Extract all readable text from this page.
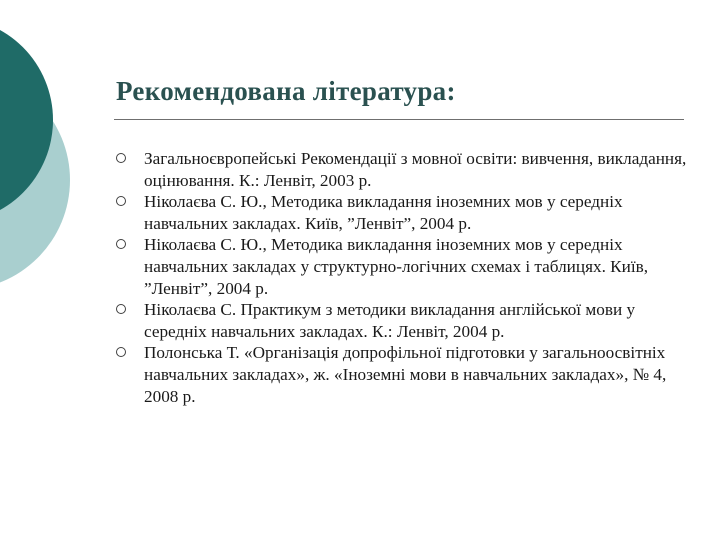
Рекомендована література:
Загальноєвропейські Рекомендації з мовної освіти: вивчення, викладання, оцінювання. К.: Ленвіт, 2003 р.
Ніколаєва С. Ю., Методика викладання іноземних мов у середніх навчальних закладах. Київ, ”Ленвіт”, 2004 р.
Ніколаєва С. Ю., Методика викладання іноземних мов у середніх навчальних закладах у структурно-логічних схемах і таблицях. Київ, ”Ленвіт”, 2004 р.
Ніколаєва С. Практикум з методики викладання англійської мови у середніх навчальних закладах. К.: Ленвіт, 2004 р.
Полонська Т. «Організація допрофільної підготовки у загальноосвітніх навчальних закладах», ж. «Іноземні мови в навчальних закладах», № 4, 2008 р.
